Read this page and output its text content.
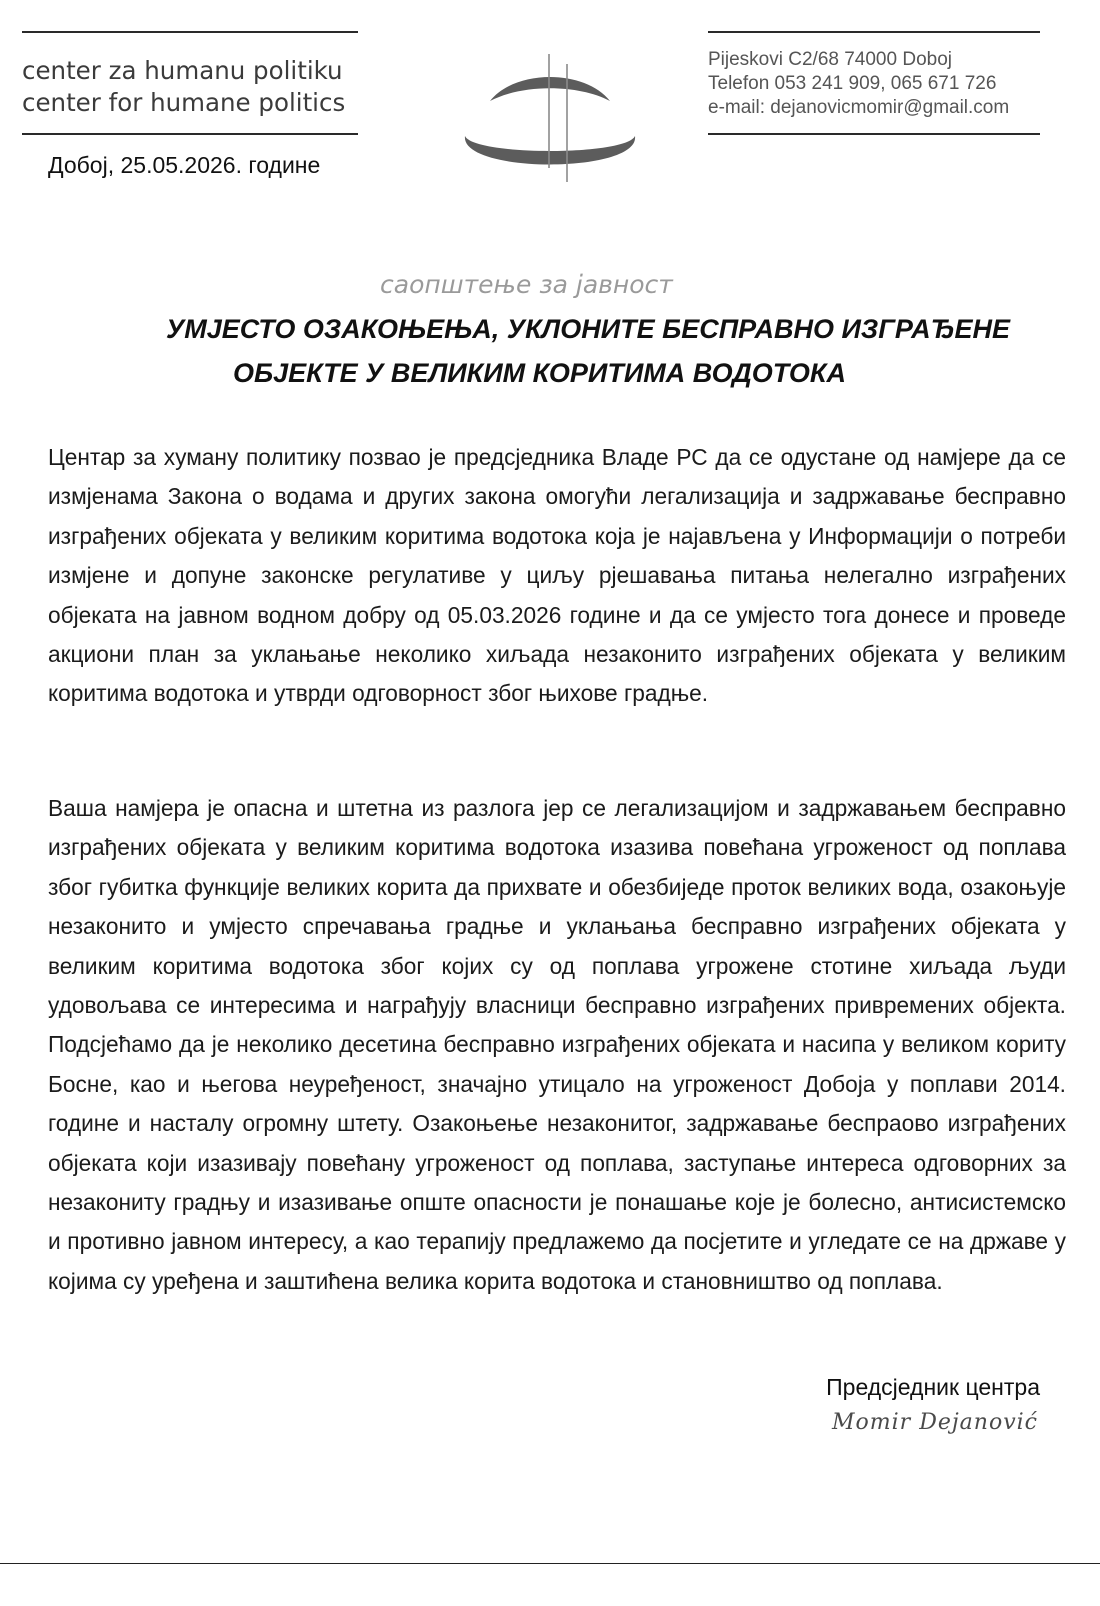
center za humanu politiku
center for humane politics
Pijeskovi C2/68 74000 Doboj
Telefon 053 241 909, 065 671 726
e-mail: dejanovicmomir@gmail.com
Добој, 25.05.2026. године
саопштење за јавност
УМЈЕСТО ОЗАКОЊЕЊА, УКЛОНИТЕ БЕСПРАВНО ИЗГРАЂЕНЕ
ОБЈЕКТЕ У ВЕЛИКИМ КОРИТИМА ВОДОТОКА

Центар за хуману политику позвао је предсједника Владе РС да се одустане од намјере да се измјенама Закона о водама и других закона омогући легализација и задржавање бесправно изграђених објеката у великим коритима водотока која је најављена у Информацији о потреби измјене и допуне законске регулативе у циљу рјешавања питања нелегално изграђених објеката на јавном водном добру од 05.03.2026 године и да се умјесто тога донесе и проведе акциони план за уклањање неколико хиљада незаконито изграђених објеката у великим коритима водотока и утврди одговорност због њихове градње.

Ваша намјера је опасна и штетна из разлога јер се легализацијом и задржавањем бесправно изграђених објеката у великим коритима водотока изазива повећана угроженост од поплава због губитка функције великих корита да прихвате и обезбиједе проток великих вода, озакоњује незаконито и умјесто спречавања градње и уклањања бесправно изграђених објеката у великим коритима водотока због којих су од поплава угрожене стотине хиљада људи удовољава се интересима и награђују власници бесправно изграђених привремених објекта. Подсјећамо да је неколико десетина бесправно изграђених објеката и насипа у великом кориту Босне, као и његова неуређеност, значајно утицало на угроженост Добоја у поплави 2014. године и насталу огромну штету. Озакоњење незаконитог, задржавање беспраово изграђених објеката који изазивају повећану угроженост од поплава, заступање интереса одговорних за незакониту градњу и изазивање опште опасности је понашање које је болесно, антисистемско и противно јавном интересу, а као терапију предлажемо да посјетите и угледате се на државе у којима су уређена и заштићена велика корита водотока и становништво од поплава.

Предсједник центра
Momir Dejanović
